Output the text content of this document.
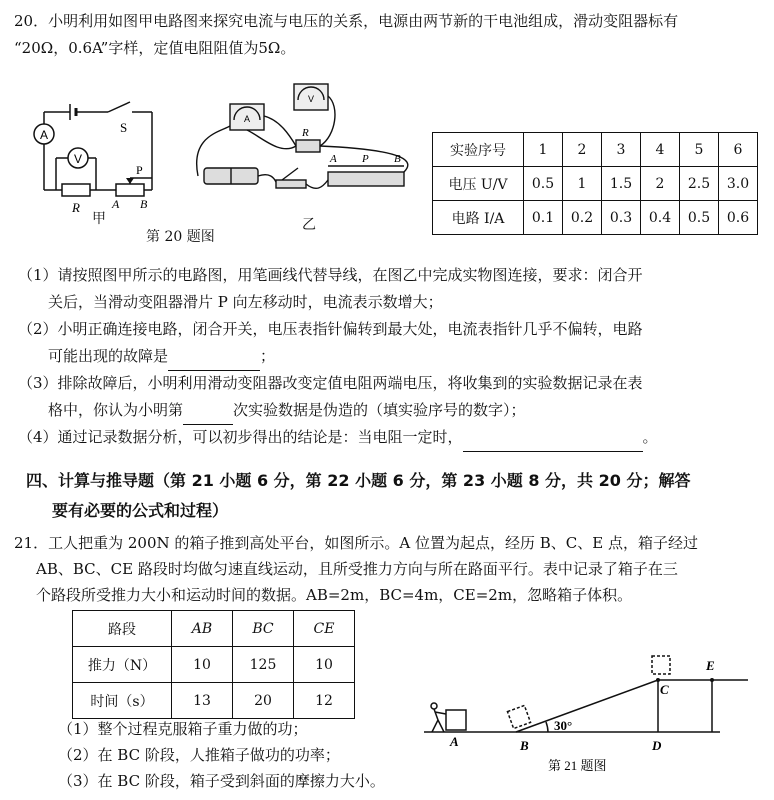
20．小明利用如图甲电路图来探究电流与电压的关系，电源由两节新的干电池组成，滑动变阻器标有
“20Ω，0.6A”字样，定值电阻阻值为5Ω。
A
V
S
R
P
A B
甲
A
V
R
A P B
乙
第 20 题图
实验序号	1	2	3	4	5	6
电压 U/V	0.5	1	1.5	2	2.5	3.0
电路 I/A	0.1	0.2	0.3	0.4	0.5	0.6
（1）请按照图甲所示的电路图，用笔画线代替导线，在图乙中完成实物图连接，要求：闭合开
关后，当滑动变阻器滑片 P 向左移动时，电流表示数增大；
（2）小明正确连接电路，闭合开关，电压表指针偏转到最大处，电流表指针几乎不偏转，电路
可能出现的故障是	；
（3）排除故障后，小明利用滑动变阻器改变定值电阻两端电压，将收集到的实验数据记录在表
格中，你认为小明第	次实验数据是伪造的（填实验序号的数字）；
（4）通过记录数据分析，可以初步得出的结论是：当电阻一定时，	。
四、计算与推导题（第 21 小题 6 分，第 22 小题 6 分，第 23 小题 8 分，共 20 分；解答
要有必要的公式和过程）
21．工人把重为 200N 的箱子推到高处平台，如图所示。A 位置为起点，经历 B、C、E 点，箱子经过
AB、BC、CE 路段时均做匀速直线运动，且所受推力方向与所在路面平行。表中记录了箱子在三
个路段所受推力大小和运动时间的数据。AB=2m，BC=4m，CE=2m，忽略箱子体积。
路段	AB	BC	CE
推力（N）	10	125	10
时间（s）	13	20	12
（1）整个过程克服箱子重力做的功；
（2）在 BC 阶段，人推箱子做功的功率；
（3）在 BC 阶段，箱子受到斜面的摩擦力大小。
A	B
C
D
E
30°
第 21 题图
